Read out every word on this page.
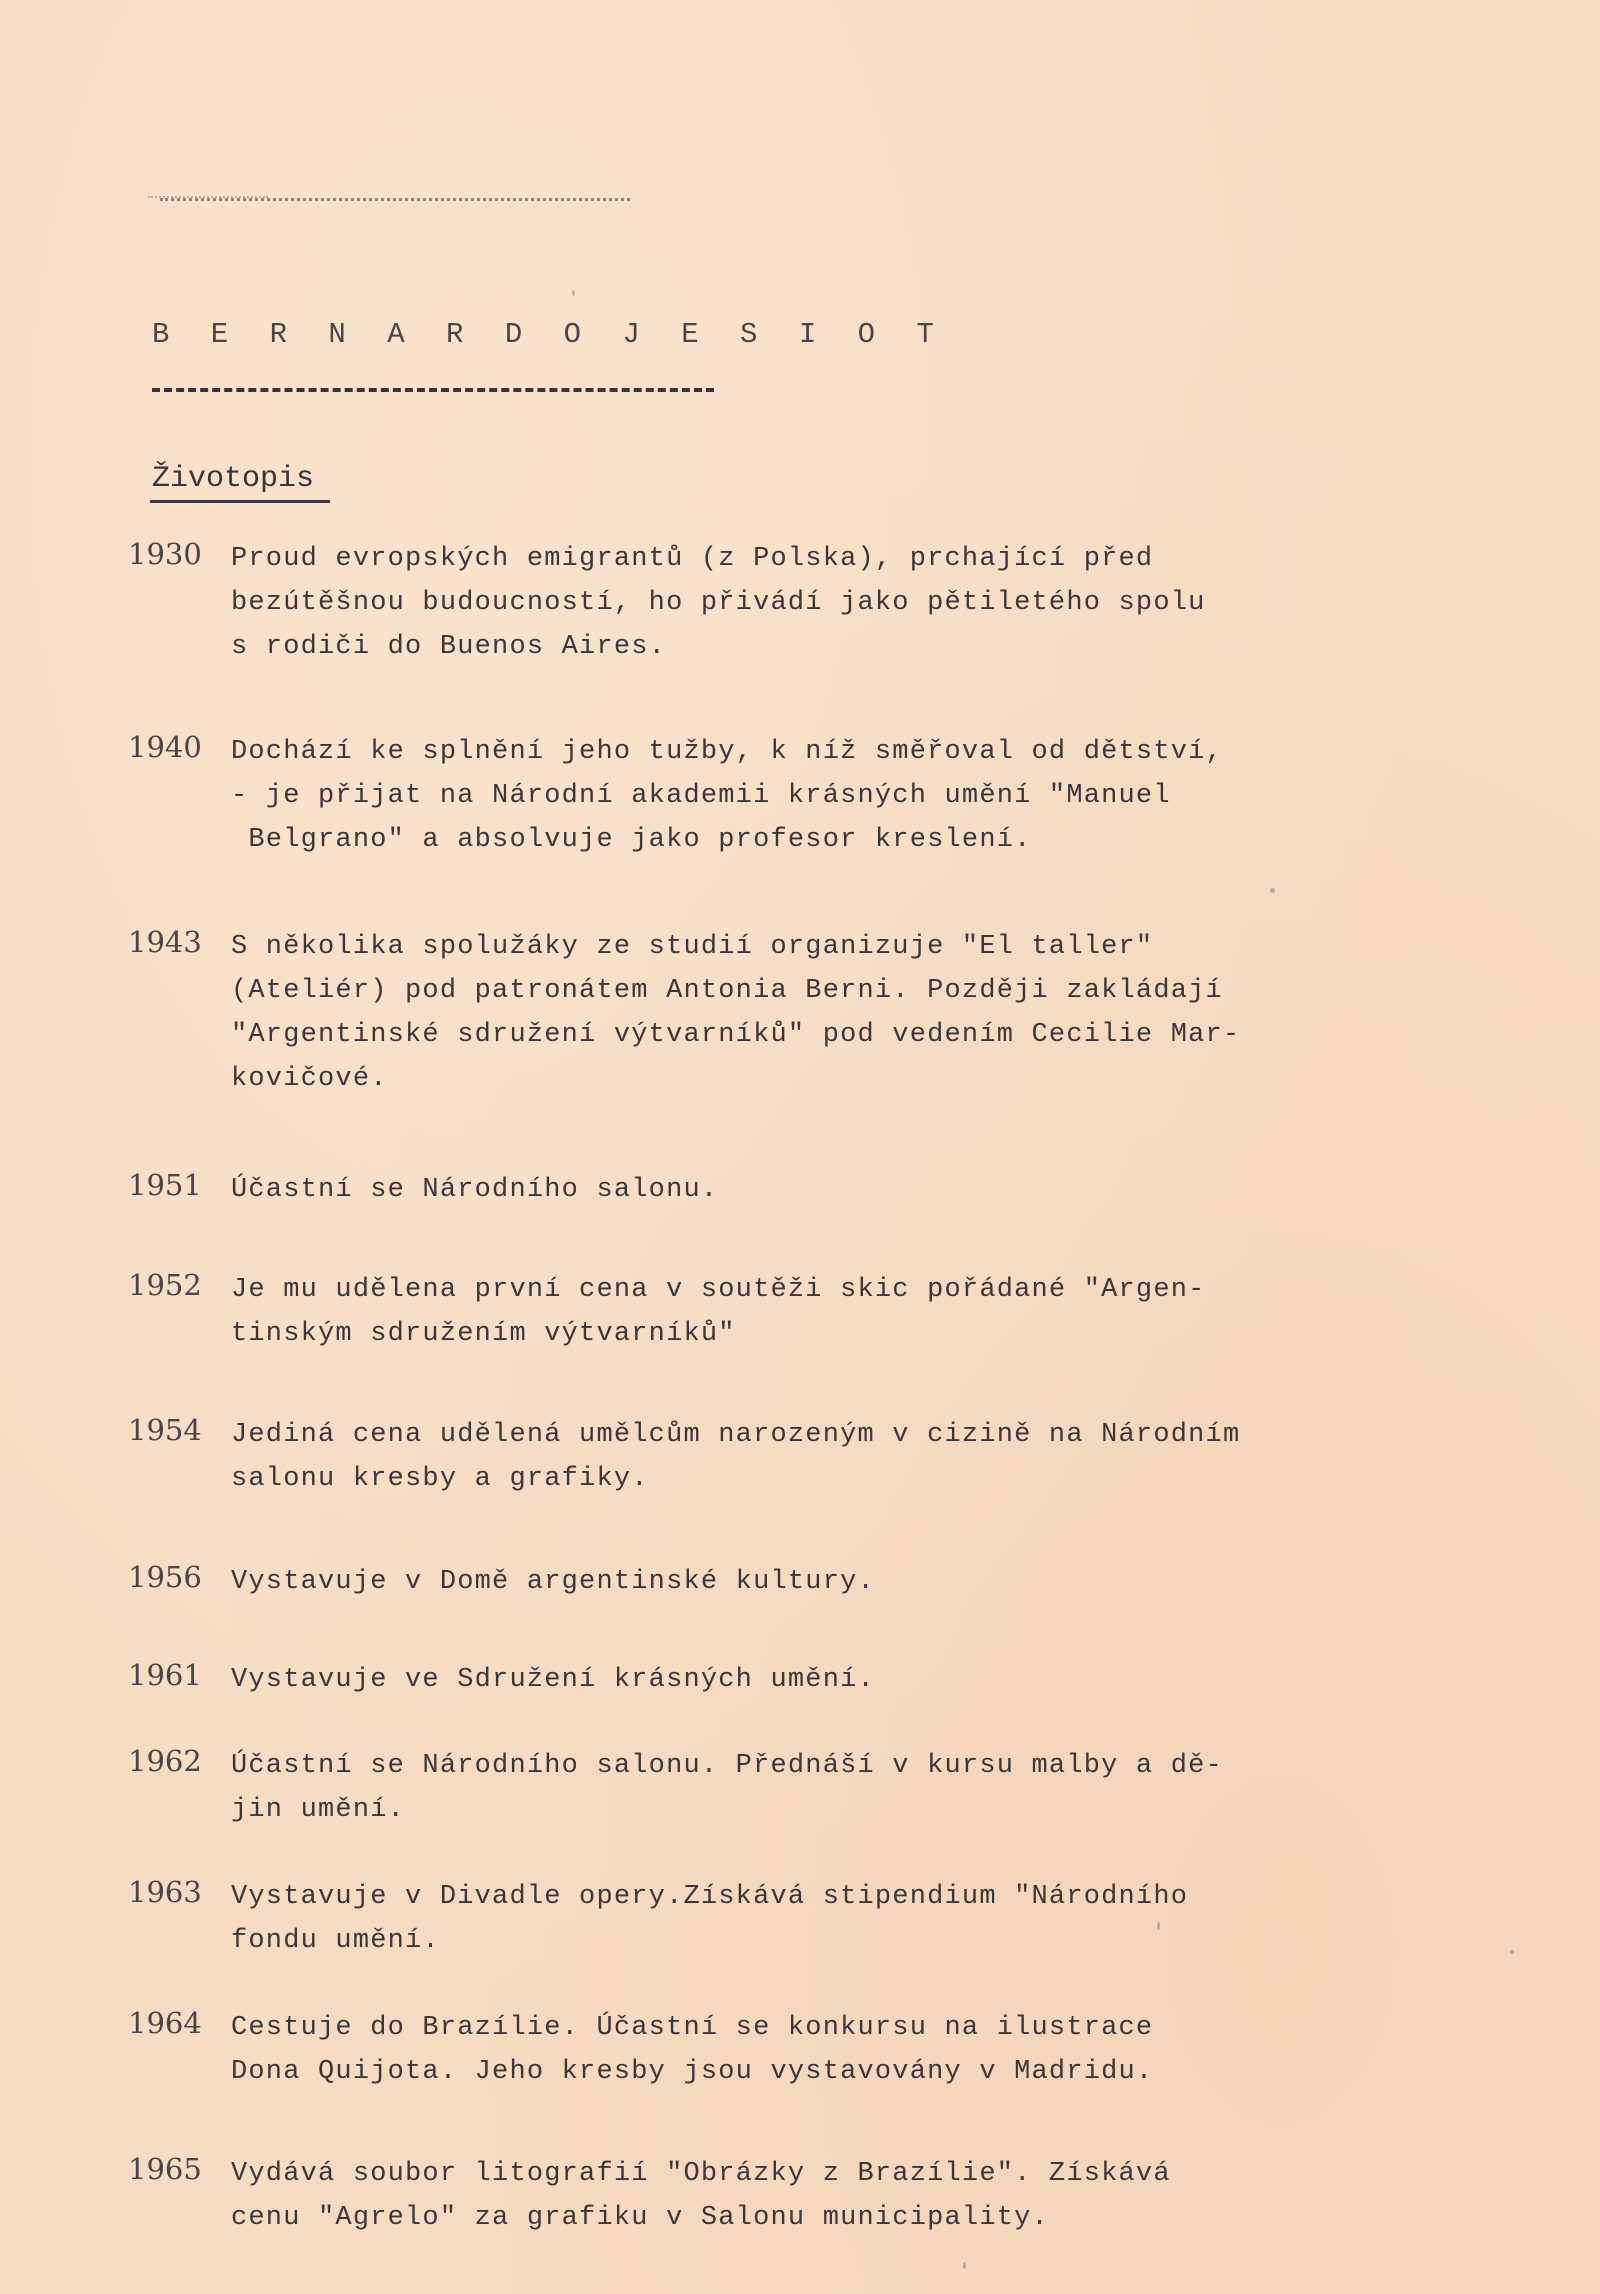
B E R N A R D O J E S I O T
Životopis
1930 Proud evropských emigrantů (z Polska), prchající před
bezútěšnou budoucností, ho přivádí jako pětiletého spolu
s rodiči do Buenos Aires.
1940 Dochází ke splnění jeho tužby, k níž směřoval od dětství,
- je přijat na Národní akademii krásných umění "Manuel
Belgrano" a absolvuje jako profesor kreslení.
1943 S několika spolužáky ze studií organizuje "El taller"
(Ateliér) pod patronátem Antonia Berni. Později zakládají
"Argentinské sdružení výtvarníků" pod vedením Cecilie Mar-
kovičové.
1951 Účastní se Národního salonu.
1952 Je mu udělena první cena v soutěži skic pořádané "Argen-
tinským sdružením výtvarníků"
1954 Jediná cena udělená umělcům narozeným v cizině na Národním
salonu kresby a grafiky.
1956 Vystavuje v Domě argentinské kultury.
1961 Vystavuje ve Sdružení krásných umění.
1962 Účastní se Národního salonu. Přednáší v kursu malby a dě-
jin umění.
1963 Vystavuje v Divadle opery.Získává stipendium "Národního
fondu umění.
1964 Cestuje do Brazílie. Účastní se konkursu na ilustrace
Dona Quijota. Jeho kresby jsou vystavovány v Madridu.
1965 Vydává soubor litografií "Obrázky z Brazílie". Získává
cenu "Agrelo" za grafiku v Salonu municipality.
